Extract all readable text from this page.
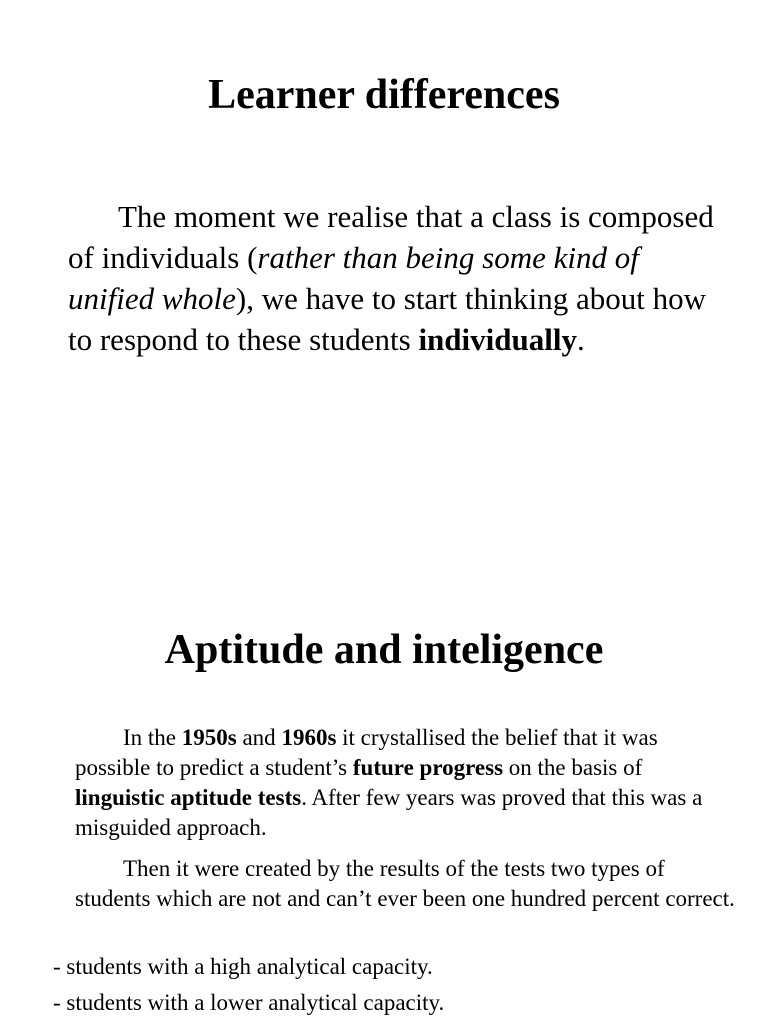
Learner differences

The moment we realise that a class is composed of individuals (rather than being some kind of unified whole), we have to start thinking about how to respond to these students individually.

Aptitude and inteligence

In the 1950s and 1960s it crystallised the belief that it was possible to predict a student’s future progress on the basis of linguistic aptitude tests. After few years was proved that this was a misguided approach.

Then it were created by the results of the tests two types of students which are not and can’t ever been one hundred percent correct.

- students with a high analytical capacity.

- students with a lower analytical capacity.
